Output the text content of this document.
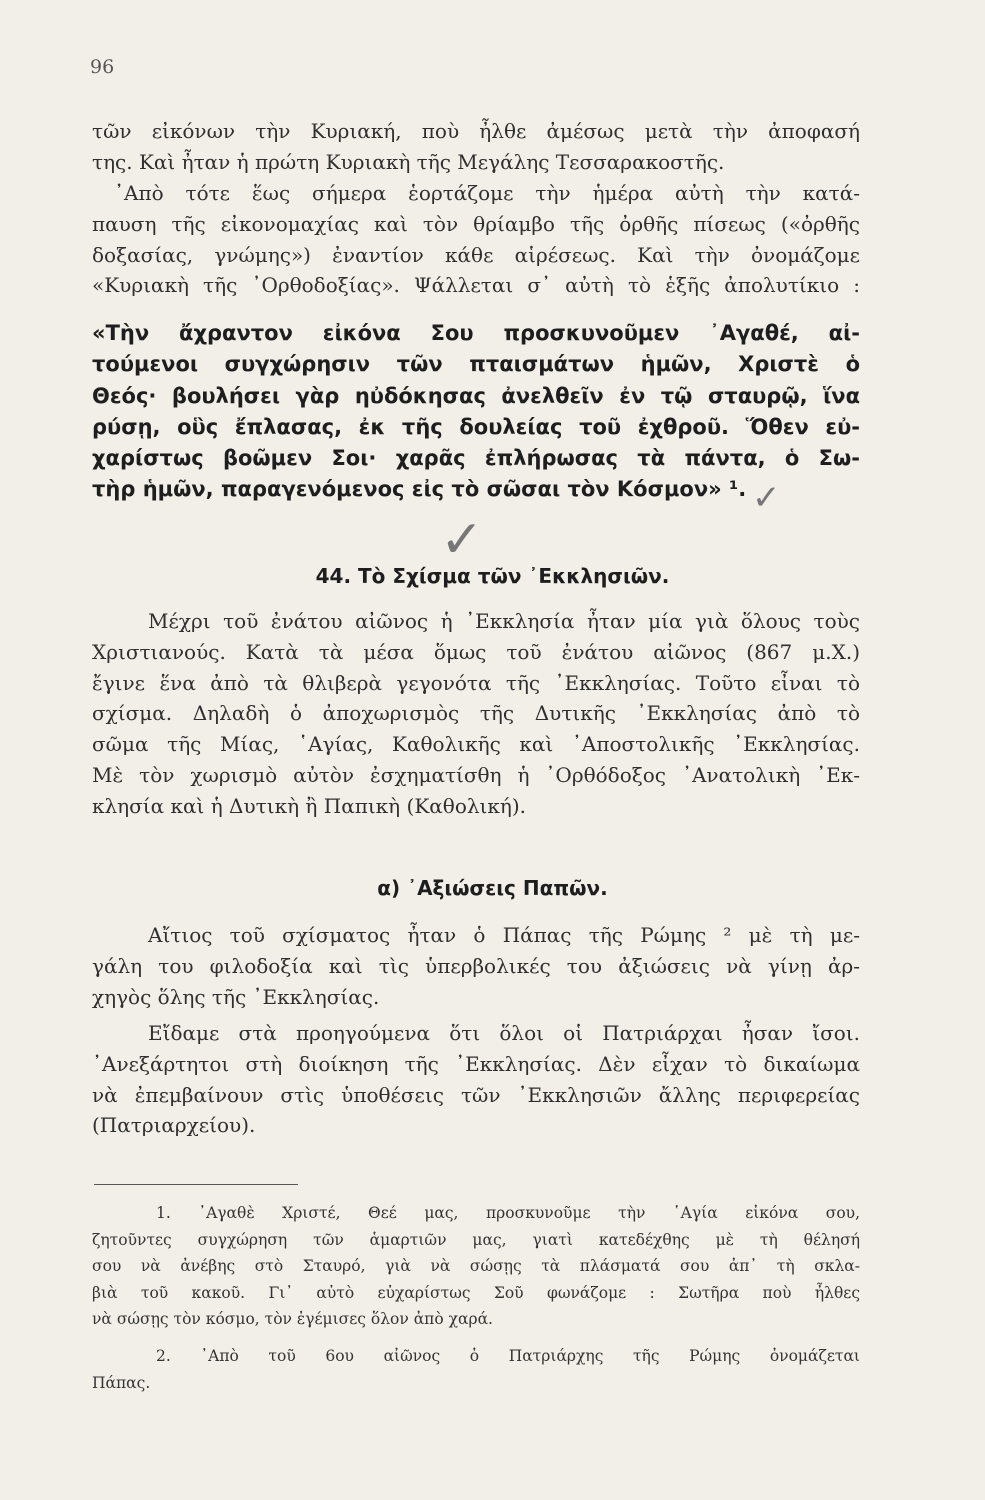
96

τῶν εἰκόνων τὴν Κυριακή, ποὺ ἦλθε ἀμέσως μετὰ τὴν ἀποφασή
της. Καὶ ἦταν ἡ πρώτη Κυριακὴ τῆς Μεγάλης Τεσσαρακοστῆς.

᾿Απὸ τότε ἕως σήμερα ἑορτάζομε τὴν ἡμέρα αὐτὴ τὴν κατά-
παυση τῆς εἰκονομαχίας καὶ τὸν θρίαμβο τῆς ὀρθῆς πίσεως («ὀρθῆς
δοξασίας, γνώμης») ἐναντίον κάθε αἱρέσεως. Καὶ τὴν ὀνομάζομε
«Κυριακὴ τῆς ᾿Ορθοδοξίας». Ψάλλεται σ᾿ αὐτὴ τὸ ἑξῆς ἀπολυτίκιο :

«Τὴν ἄχραντον εἰκόνα Σου προσκυνοῦμεν ᾿Αγαθέ, αἰ-
τούμενοι συγχώρησιν τῶν πταισμάτων ἡμῶν, Χριστὲ ὁ
Θεός· βουλήσει γὰρ ηὐδόκησας ἀνελθεῖν ἐν τῷ σταυρῷ, ἵνα
ρύσῃ, οὓς ἔπλασας, ἐκ τῆς δουλείας τοῦ ἐχθροῦ. Ὅθεν εὐ-
χαρίστως βοῶμεν Σοι· χαρᾶς ἐπλήρωσας τὰ πάντα, ὁ Σω-
τὴρ ἡμῶν, παραγενόμενος εἰς τὸ σῶσαι τὸν Κόσμον» ¹. ✓
✓
44. Τὸ Σχίσμα τῶν ᾿Εκκλησιῶν.

Μέχρι τοῦ ἐνάτου αἰῶνος ἡ ᾿Εκκλησία ἦταν μία γιὰ ὅλους τοὺς
Χριστιανούς. Κατὰ τὰ μέσα ὅμως τοῦ ἐνάτου αἰῶνος (867 μ.Χ.)
ἔγινε ἕνα ἀπὸ τὰ θλιβερὰ γεγονότα τῆς ᾿Εκκλησίας. Τοῦτο εἶναι τὸ
σχίσμα. Δηλαδὴ ὁ ἀποχωρισμὸς τῆς Δυτικῆς ᾿Εκκλησίας ἀπὸ τὸ
σῶμα τῆς Μίας, ῾Αγίας, Καθολικῆς καὶ ᾿Αποστολικῆς ᾿Εκκλησίας.
Μὲ τὸν χωρισμὸ αὐτὸν ἐσχηματίσθη ἡ ᾿Ορθόδοξος ᾿Ανατολικὴ ᾿Εκ-
κλησία καὶ ἡ Δυτικὴ ἢ Παπικὴ (Καθολική).

α) ᾿Αξιώσεις Παπῶν.

Αἴτιος τοῦ σχίσματος ἦταν ὁ Πάπας τῆς Ρώμης ² μὲ τὴ με-
γάλη του φιλοδοξία καὶ τὶς ὑπερβολικές του ἀξιώσεις νὰ γίνῃ ἀρ-
χηγὸς ὅλης τῆς ᾿Εκκλησίας.

Εἴδαμε στὰ προηγούμενα ὅτι ὅλοι οἱ Πατριάρχαι ἦσαν ἴσοι.
᾿Ανεξάρτητοι στὴ διοίκηση τῆς ᾿Εκκλησίας. Δὲν εἶχαν τὸ δικαίωμα
νὰ ἐπεμβαίνουν στὶς ὑποθέσεις τῶν ᾿Εκκλησιῶν ἄλλης περιφερείας
(Πατριαρχείου).

1. ᾿Αγαθὲ Χριστέ, Θεέ μας, προσκυνοῦμε τὴν ῾Αγία εἰκόνα σου,
ζητοῦντες συγχώρηση τῶν ἁμαρτιῶν μας, γιατὶ κατεδέχθης μὲ τὴ θέλησή
σου νὰ ἀνέβης στὸ Σταυρό, γιὰ νὰ σώσῃς τὰ πλάσματά σου ἀπ᾿ τὴ σκλα-
βιὰ τοῦ κακοῦ. Γι᾿ αὐτὸ εὐχαρίστως Σοῦ φωνάζομε : Σωτῆρα ποὺ ἦλθες
νὰ σώσῃς τὸν κόσμο, τὸν ἐγέμισες ὅλον ἀπὸ χαρά.

2. ᾿Απὸ τοῦ 6ου αἰῶνος ὁ Πατριάρχης τῆς Ρώμης ὀνομάζεται
Πάπας.
